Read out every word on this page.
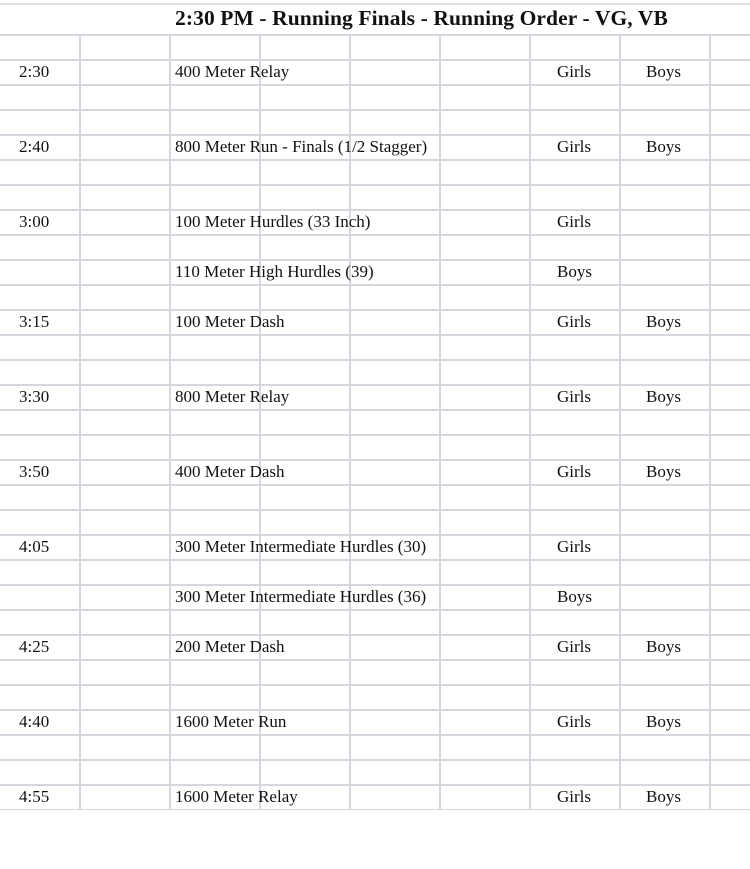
2:30 PM - Running Finals - Running Order - VG, VB
2:30	400 Meter Relay	Girls	Boys
2:40	800 Meter Run - Finals (1/2 Stagger)	Girls	Boys
3:00	100 Meter Hurdles (33 Inch)	Girls
110 Meter High Hurdles (39)	Boys
3:15	100 Meter Dash	Girls	Boys
3:30	800 Meter Relay	Girls	Boys
3:50	400 Meter Dash	Girls	Boys
4:05	300 Meter Intermediate Hurdles (30)	Girls
300 Meter Intermediate Hurdles (36)	Boys
4:25	200 Meter Dash	Girls	Boys
4:40	1600 Meter Run	Girls	Boys
4:55	1600 Meter Relay	Girls	Boys
